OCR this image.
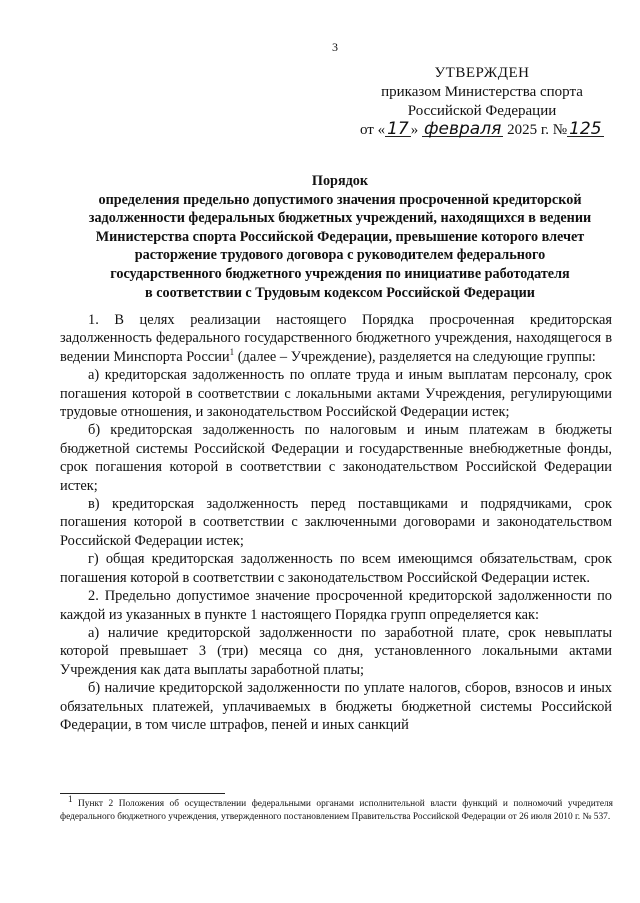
3
УТВЕРЖДЕН
приказом Министерства спорта
Российской Федерации
от « 17 » февраля 2025 г. № 125
Порядок
определения предельно допустимого значения просроченной кредиторской
задолженности федеральных бюджетных учреждений, находящихся в ведении
Министерства спорта Российской Федерации, превышение которого влечет
расторжение трудового договора с руководителем федерального
государственного бюджетного учреждения по инициативе работодателя
в соответствии с Трудовым кодексом Российской Федерации

1. В целях реализации настоящего Порядка просроченная кредиторская задолженность федерального государственного бюджетного учреждения, находящегося в ведении Минспорта России$^1$ (далее – Учреждение), разделяется на следующие группы:

а) кредиторская задолженность по оплате труда и иным выплатам персоналу, срок погашения которой в соответствии с локальными актами Учреждения, регулирующими трудовые отношения, и законодательством Российской Федерации истек;

б) кредиторская задолженность по налоговым и иным платежам в бюджеты бюджетной системы Российской Федерации и государственные внебюджетные фонды, срок погашения которой в соответствии с законодательством Российской Федерации истек;

в) кредиторская задолженность перед поставщиками и подрядчиками, срок погашения которой в соответствии с заключенными договорами и законодательством Российской Федерации истек;

г) общая кредиторская задолженность по всем имеющимся обязательствам, срок погашения которой в соответствии с законодательством Российской Федерации истек.

2. Предельно допустимое значение просроченной кредиторской задолженности по каждой из указанных в пункте 1 настоящего Порядка групп определяется как:

а) наличие кредиторской задолженности по заработной плате, срок невыплаты которой превышает 3 (три) месяца со дня, установленного локальными актами Учреждения как дата выплаты заработной платы;

б) наличие кредиторской задолженности по уплате налогов, сборов, взносов и иных обязательных платежей, уплачиваемых в бюджеты бюджетной системы Российской Федерации, в том числе штрафов, пеней и иных санкций

$^1$ Пункт 2 Положения об осуществлении федеральными органами исполнительной власти функций и полномочий учредителя федерального бюджетного учреждения, утвержденного постановлением Правительства Российской Федерации от 26 июля 2010 г. № 537.
